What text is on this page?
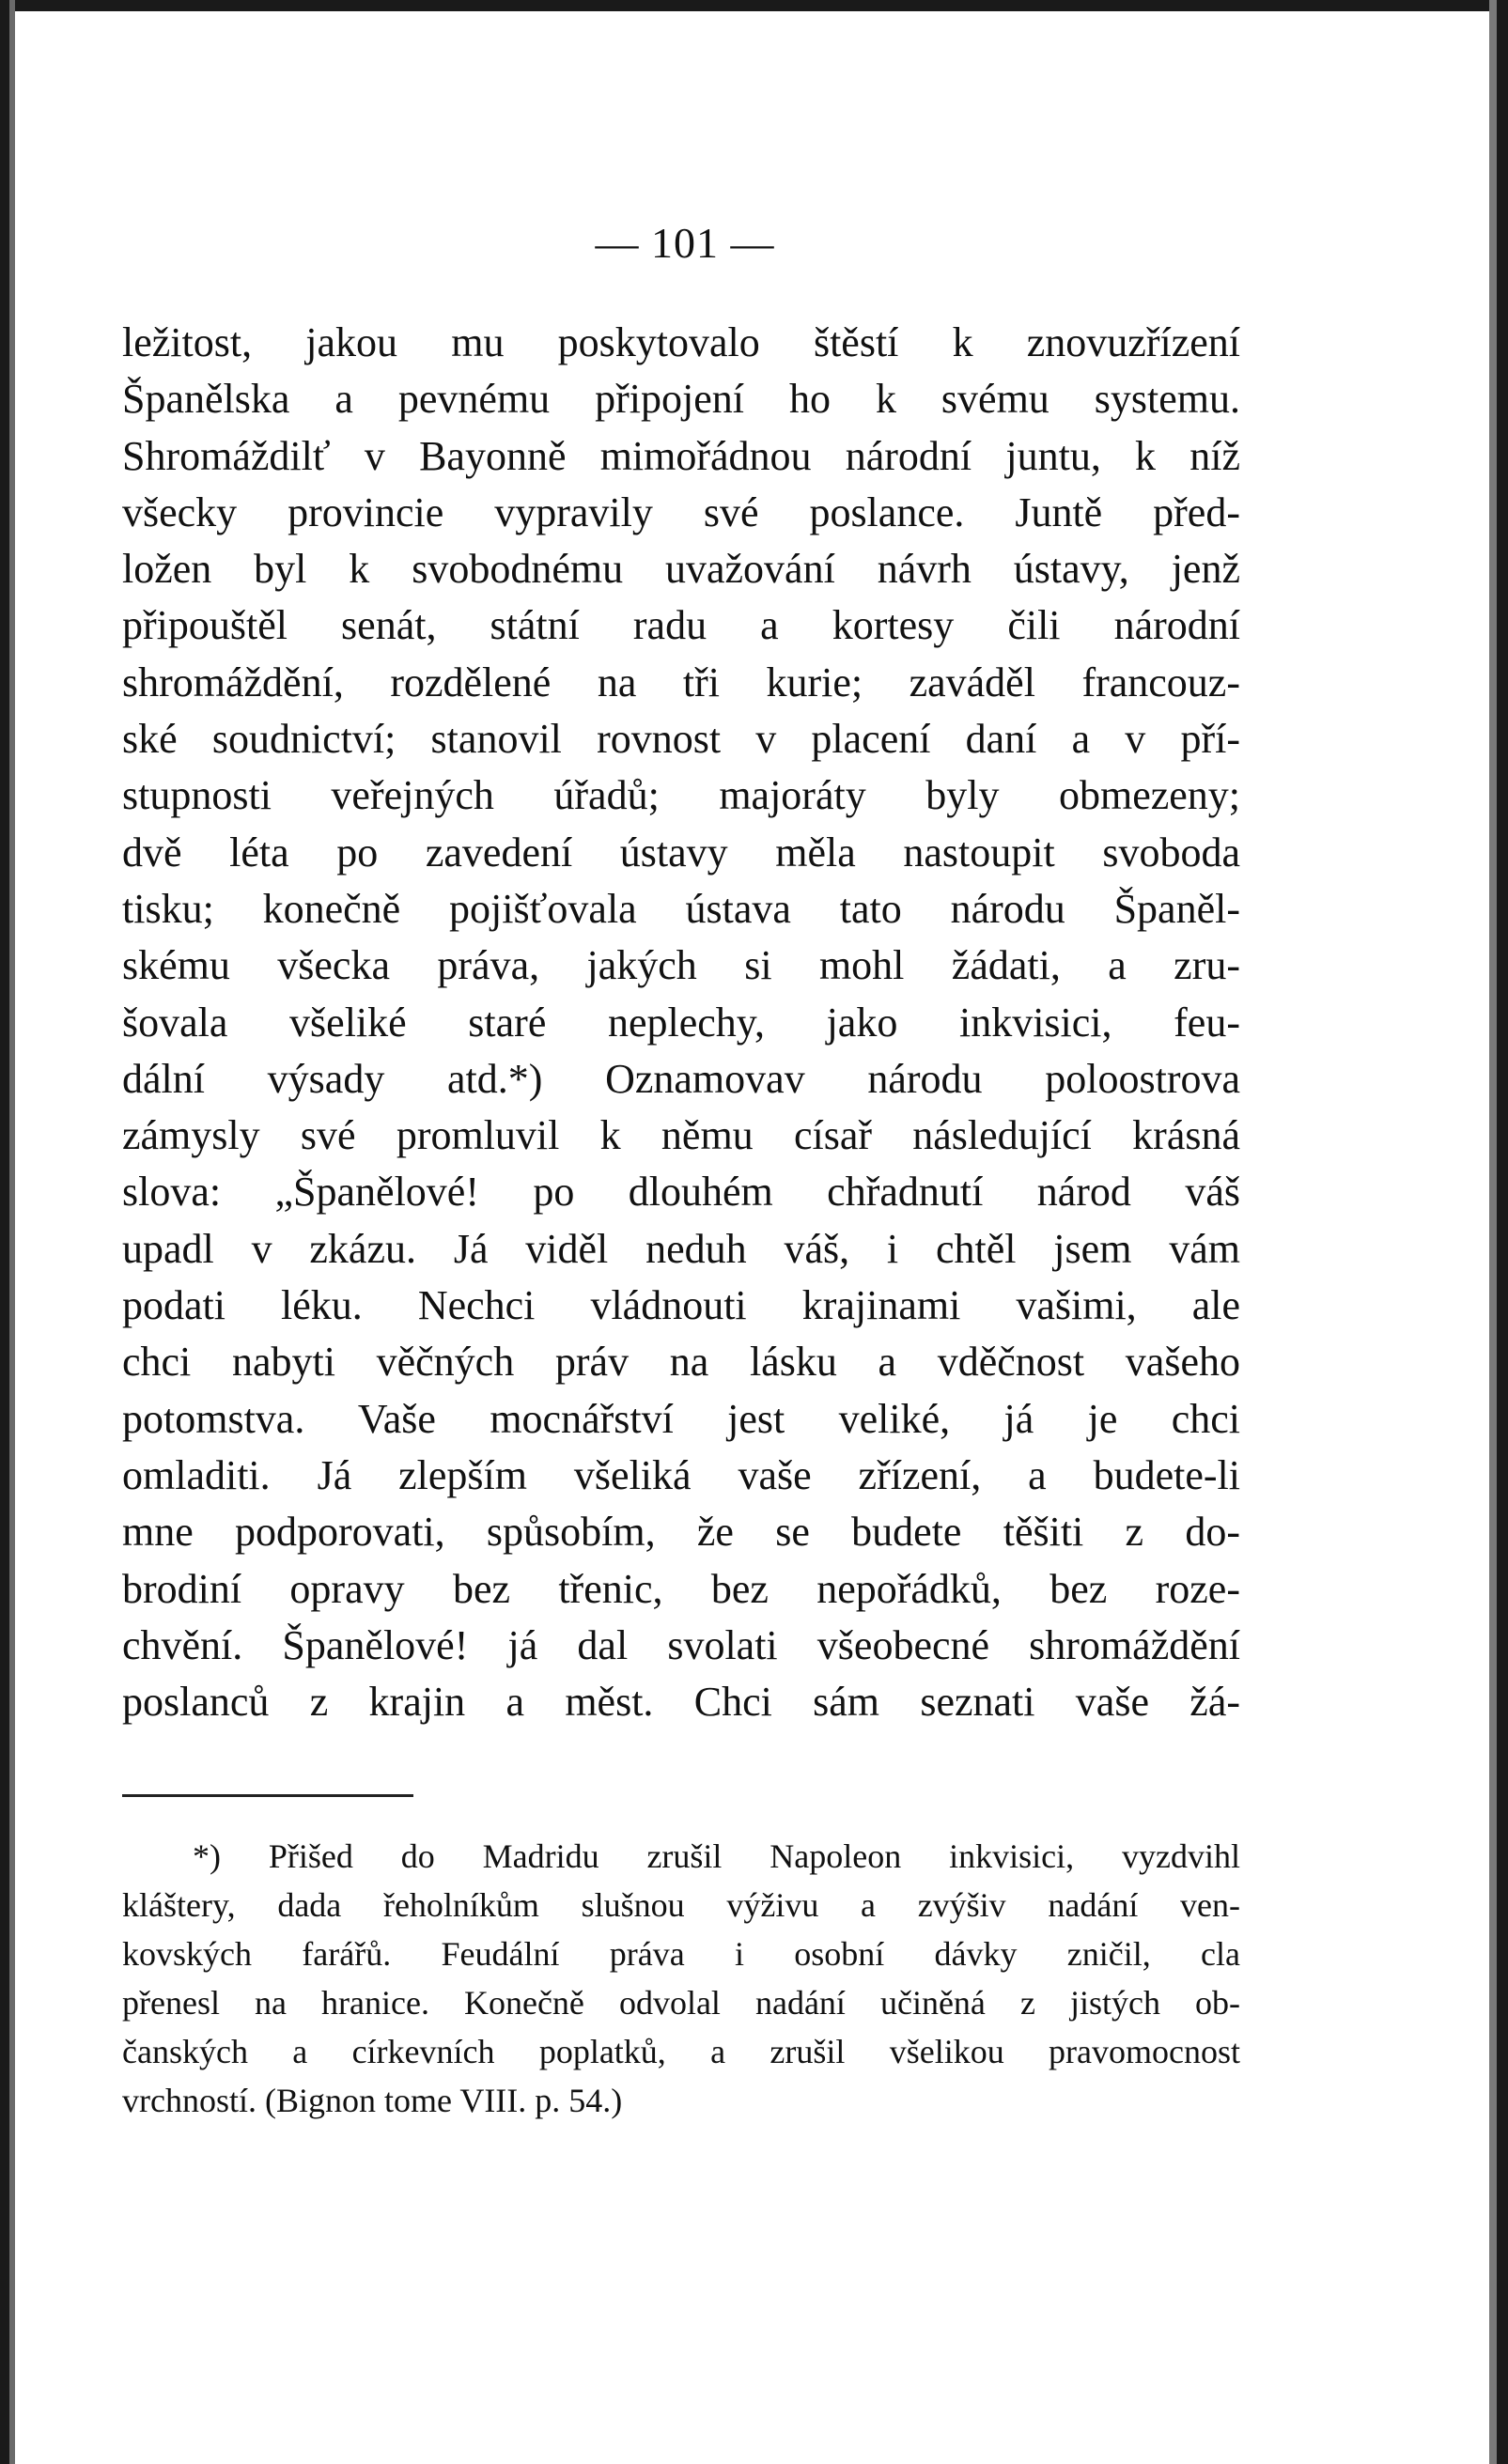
— 101 —
ležitost, jakou mu poskytovalo štěstí k znovuzřízení
Španělska a pevnému připojení ho k svému systemu.
Shromáždilť v Bayonně mimořádnou národní juntu, k níž
všecky provincie vypravily své poslance. Juntě před-
ložen byl k svobodnému uvažování návrh ústavy, jenž
připouštěl senát, státní radu a kortesy čili národní
shromáždění, rozdělené na tři kurie; zaváděl francouz-
ské soudnictví; stanovil rovnost v placení daní a v pří-
stupnosti veřejných úřadů; majoráty byly obmezeny;
dvě léta po zavedení ústavy měla nastoupit svoboda
tisku; konečně pojišťovala ústava tato národu Španěl-
skému všecka práva, jakých si mohl žádati, a zru-
šovala všeliké staré neplechy, jako inkvisici, feu-
dální výsady atd.*) Oznamovav národu poloostrova
zámysly své promluvil k němu císař následující krásná
slova: „Španělové! po dlouhém chřadnutí národ váš
upadl v zkázu. Já viděl neduh váš, i chtěl jsem vám
podati léku. Nechci vládnouti krajinami vašimi, ale
chci nabyti věčných práv na lásku a vděčnost vašeho
potomstva. Vaše mocnářství jest veliké, já je chci
omladiti. Já zlepším všeliká vaše zřízení, a budete-li
mne podporovati, spůsobím, že se budete těšiti z do-
brodiní opravy bez třenic, bez nepořádků, bez roze-
chvění. Španělové! já dal svolati všeobecné shromáždění
poslanců z krajin a měst. Chci sám seznati vaše žá-
*) Přišed do Madridu zrušil Napoleon inkvisici, vyzdvihl
kláštery, dada řeholníkům slušnou výživu a zvýšiv nadání ven-
kovských farářů. Feudální práva i osobní dávky zničil, cla
přenesl na hranice. Konečně odvolal nadání učiněná z jistých ob-
čanských a církevních poplatků, a zrušil všelikou pravomocnost
vrchností. (Bignon tome VIII. p. 54.)
